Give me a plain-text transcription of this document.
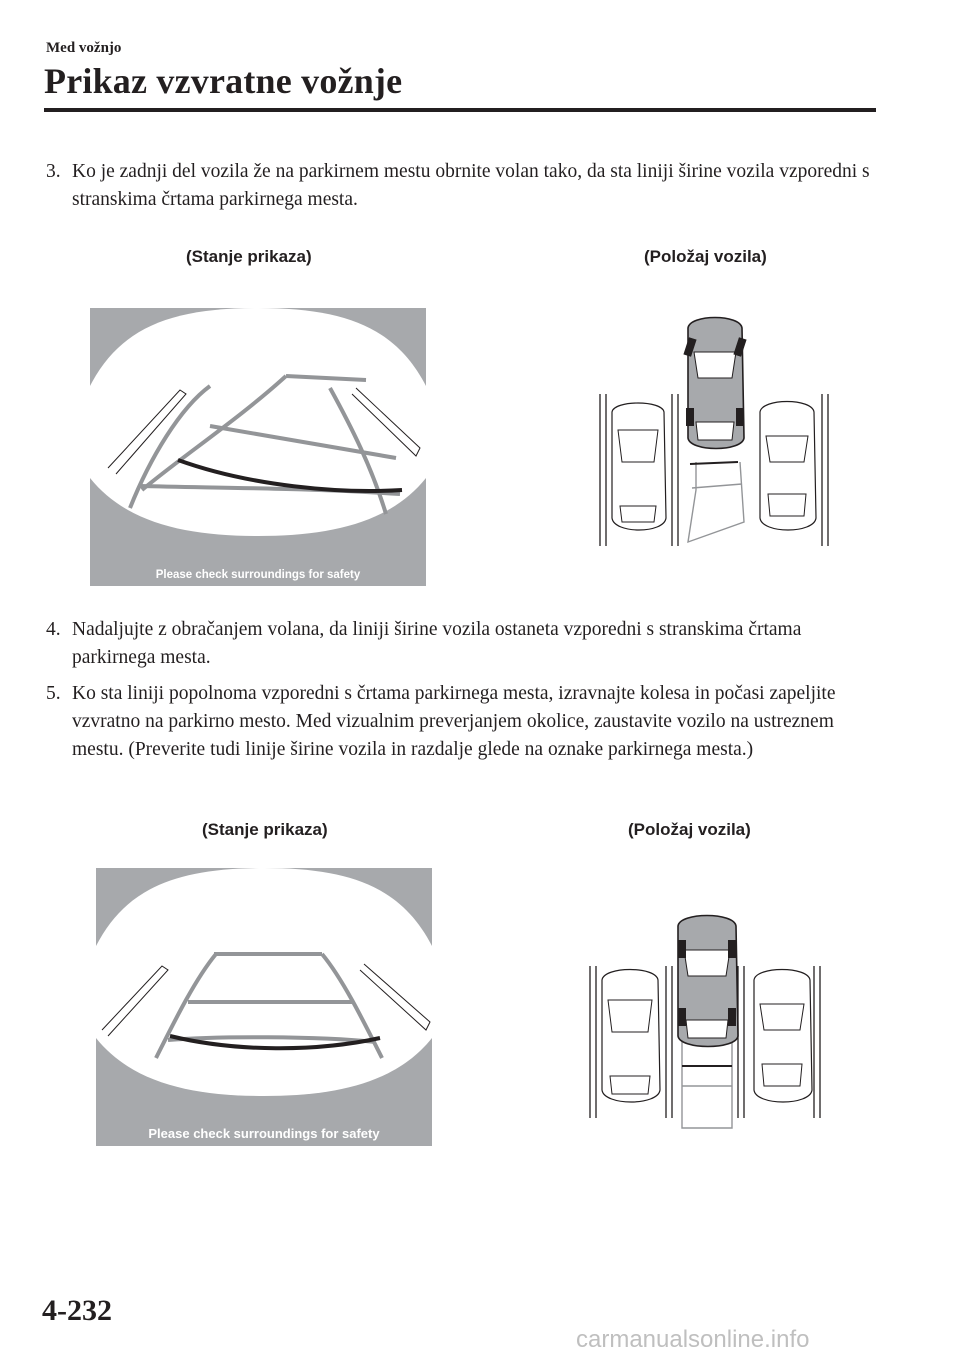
Med vožnjo
Prikaz vzvratne vožnje
3. Ko je zadnji del vozila že na parkirnem mestu obrnite volan tako, da sta liniji širine vozila vzporedni s stranskima črtama parkirnega mesta.
(Stanje prikaza)	(Položaj vozila)
Please check surroundings for safety
4. Nadaljujte z obračanjem volana, da liniji širine vozila ostaneta vzporedni s stranskima črtama parkirnega mesta.
5. Ko sta liniji popolnoma vzporedni s črtama parkirnega mesta, izravnajte kolesa in počasi zapeljite vzvratno na parkirno mesto. Med vizualnim preverjanjem okolice, zaustavite vozilo na ustreznem mestu. (Preverite tudi linije širine vozila in razdalje glede na oznake parkirnega mesta.)
(Stanje prikaza)	(Položaj vozila)
Please check surroundings for safety
4-232
carmanualsonline.info
